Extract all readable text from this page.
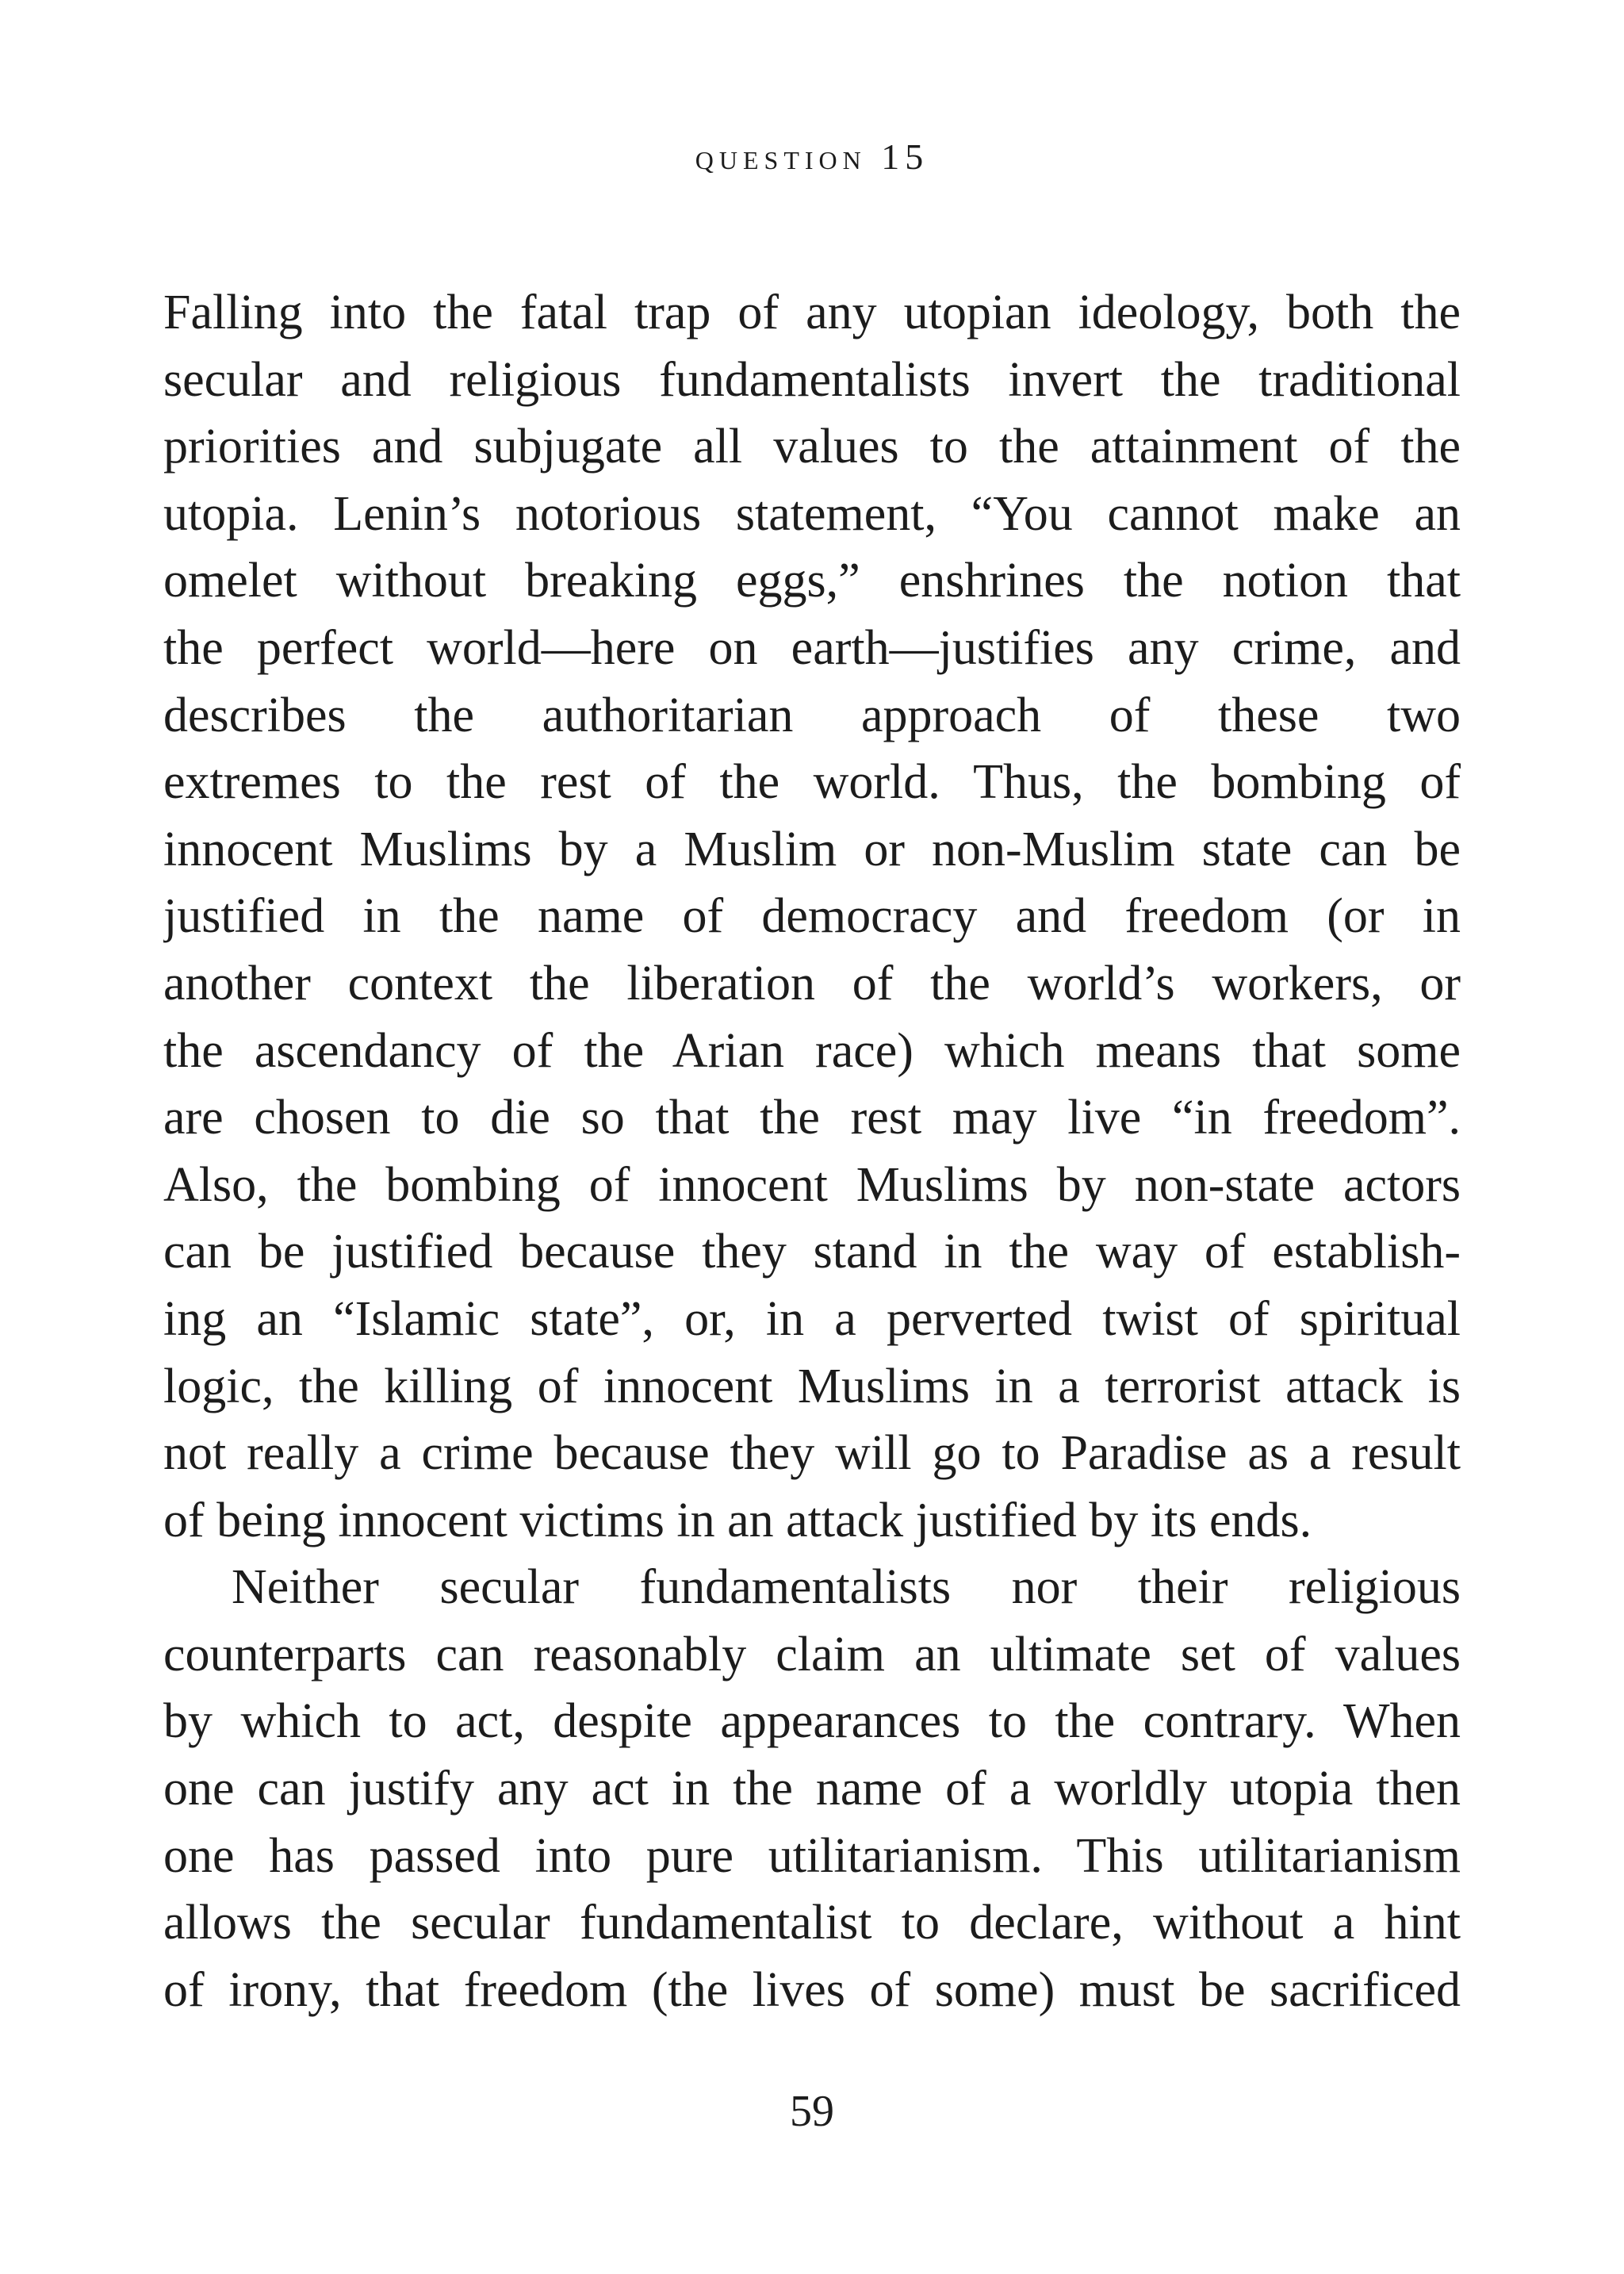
question 15
Falling into the fatal trap of any utopian ideology, both the
secular and religious fundamentalists invert the traditional
priorities and subjugate all values to the attainment of the
utopia. Lenin’s notorious statement, “You cannot make an
omelet without breaking eggs,” enshrines the notion that
the perfect world—here on earth—justifies any crime, and
describes the authoritarian approach of these two
extremes to the rest of the world. Thus, the bombing of
innocent Muslims by a Muslim or non-Muslim state can be
justified in the name of democracy and freedom (or in
another context the liberation of the world’s workers, or
the ascendancy of the Arian race) which means that some
are chosen to die so that the rest may live “in freedom”.
Also, the bombing of innocent Muslims by non-state actors
can be justified because they stand in the way of establish-
ing an “Islamic state”, or, in a perverted twist of spiritual
logic, the killing of innocent Muslims in a terrorist attack is
not really a crime because they will go to Paradise as a result
of being innocent victims in an attack justified by its ends.
Neither secular fundamentalists nor their religious
counterparts can reasonably claim an ultimate set of values
by which to act, despite appearances to the contrary. When
one can justify any act in the name of a worldly utopia then
one has passed into pure utilitarianism. This utilitarianism
allows the secular fundamentalist to declare, without a hint
of irony, that freedom (the lives of some) must be sacrificed
59
